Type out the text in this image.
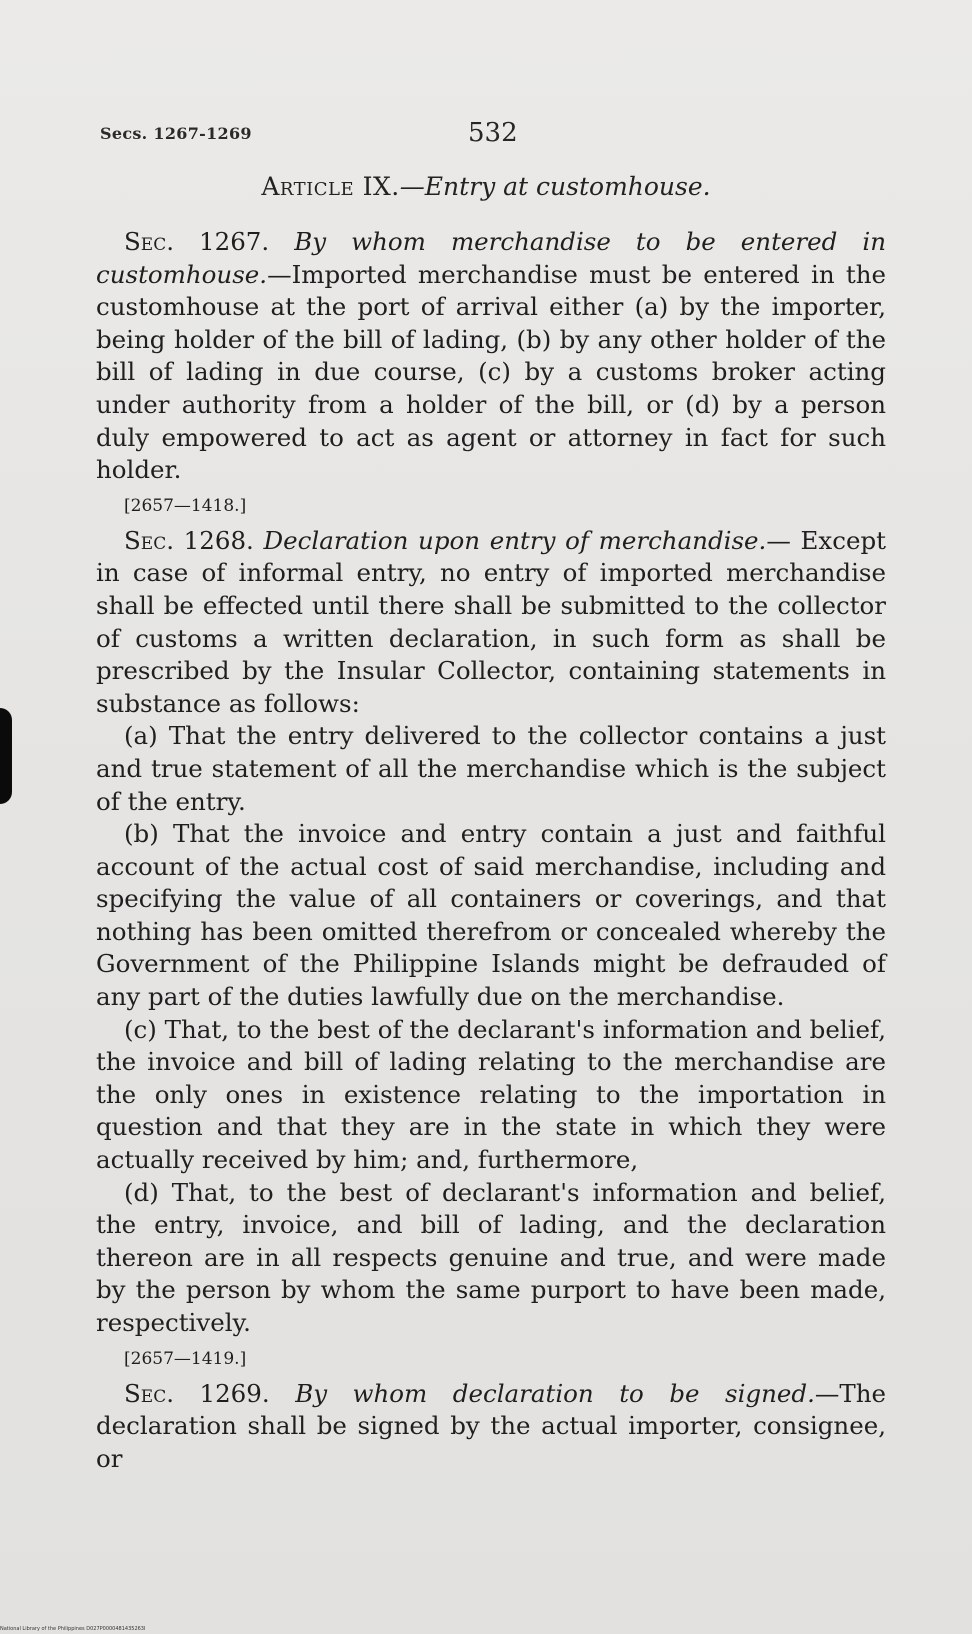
Secs. 1267-1269	532
Article IX.—Entry at customhouse.

Sec. 1267. By whom merchandise to be entered in customhouse.—Imported merchandise must be entered in the customhouse at the port of arrival either (a) by the importer, being holder of the bill of lading, (b) by any other holder of the bill of lading in due course, (c) by a customs broker acting under authority from a holder of the bill, or (d) by a person duly empowered to act as agent or attorney in fact for such holder.

[2657—1418.]

Sec. 1268. Declaration upon entry of merchandise.— Except in case of informal entry, no entry of imported merchandise shall be effected until there shall be submitted to the collector of customs a written declaration, in such form as shall be prescribed by the Insular Collector, containing statements in substance as follows:

(a) That the entry delivered to the collector contains a just and true statement of all the merchandise which is the subject of the entry.

(b) That the invoice and entry contain a just and faithful account of the actual cost of said merchandise, including and specifying the value of all containers or coverings, and that nothing has been omitted therefrom or concealed whereby the Government of the Philippine Islands might be defrauded of any part of the duties lawfully due on the merchandise.

(c) That, to the best of the declarant's information and belief, the invoice and bill of lading relating to the merchandise are the only ones in existence relating to the importation in question and that they are in the state in which they were actually received by him; and, furthermore,

(d) That, to the best of declarant's information and belief, the entry, invoice, and bill of lading, and the declaration thereon are in all respects genuine and true, and were made by the person by whom the same purport to have been made, respectively.

[2657—1419.]

Sec. 1269. By whom declaration to be signed.—The declaration shall be signed by the actual importer, consignee, or

National Library of the Philippines D027P0000481435263I
